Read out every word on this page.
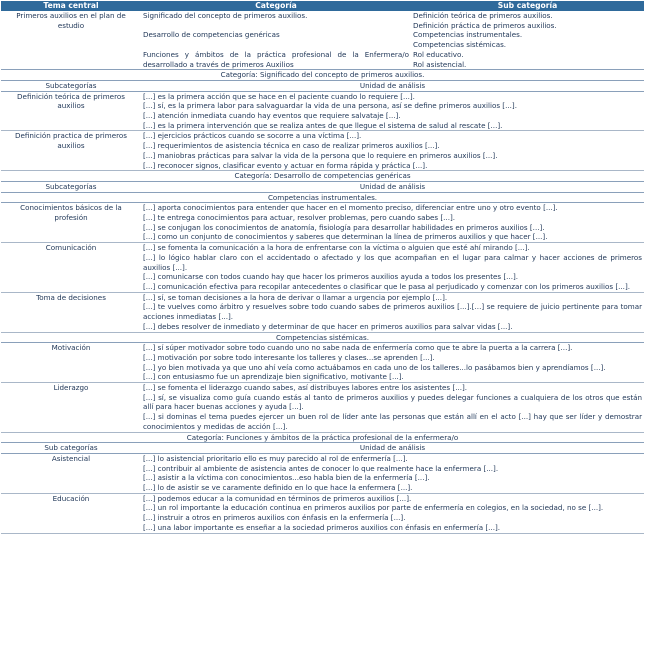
Tema central	Categoría	Sub categoría
Primeros auxilios en el plan de estudio	Significado del concepto de primeros auxilios.	Definición teórica de primeros auxilios.
Definición práctica de primeros auxilios.

	Desarrollo de competencias genéricas	Competencias instrumentales.
Competencias sistémicas.

	Funciones y ámbitos de la práctica profesional de la Enfermera/o desarrollado a través de primeros Auxilios	Rol educativo.
Rol asistencial.
Categoría: Significado del concepto de primeros auxilios.	
Subcategorías	Unidad de análisis
Definición teórica de primeros auxilios	[...] es la primera acción que se hace en el paciente cuando lo requiere [...].
[...] sí, es la primera labor para salvaguardar la vida de una persona, así se define primeros auxilios [...].
[...] atención inmediata cuando hay eventos que requiere salvataje [...].
[...] es la primera intervención que se realiza antes de que llegue el sistema de salud al rescate [...].

Definición practica de primeros auxilios	[...] ejercicios prácticos cuando se socorre a una víctima [...].
[...] requerimientos de asistencia técnica en caso de realizar primeros auxilios [...].
[...] maniobras prácticas para salvar la vida de la persona que lo requiere en primeros auxilios [...].
[...] reconocer signos, clasificar evento y actuar en forma rápida y práctica [...].

Categoría: Desarrollo de competencias genéricas	
Subcategorías	Unidad de análisis
Competencias instrumentales.	
Conocimientos básicos de la profesión	[...] aporta conocimientos para entender que hacer en el momento preciso, diferenciar entre uno y otro evento [...].
[...] te entrega conocimientos para actuar, resolver problemas, pero cuando sabes [...].
[...] se conjugan los conocimientos de anatomía, fisiología para desarrollar habilidades en primeros auxilios [...].
[...] como un conjunto de conocimientos y saberes que determinan la línea de primeros auxilios y que hacer [...].

Comunicación	[...] se fomenta la comunicación a la hora de enfrentarse con la víctima o alguien que esté ahí mirando [...].
[...] lo lógico hablar claro con el accidentado o afectado y los que acompañan en el lugar para calmar y hacer acciones de primeros auxilios [...].
[...] comunicarse con todos cuando hay que hacer los primeros auxilios ayuda a todos los presentes [...].
[...] comunicación efectiva para recopilar antecedentes o clasificar que le pasa al perjudicado y comenzar con los primeros auxilios [...].

Toma de decisiones	[...] sí, se toman decisiones a la hora de derivar o llamar a urgencia por ejemplo [...].
[...] te vuelves como árbitro y resuelves sobre todo cuando sabes de primeros auxilios [...].[...] se requiere de juicio pertinente para tomar acciones inmediatas [...].
[...] debes resolver de inmediato y determinar de que hacer en primeros auxilios para salvar vidas [...].

Competencias sistémicas.	
Motivación	[...] sí súper motivador sobre todo cuando uno no sabe nada de enfermería como que te abre la puerta a la carrera [...].
[...] motivación por sobre todo interesante los talleres y clases...se aprenden [...].
[...] yo bien motivada ya que uno ahí veía como actuábamos en cada uno de los talleres...lo pasábamos bien y aprendíamos [...].
[...] con entusiasmo fue un aprendizaje bien significativo, motivante [...].

Liderazgo	[...] se fomenta el liderazgo cuando sabes, así distribuyes labores entre los asistentes [...].
[...] sí, se visualiza como guía cuando estás al tanto de primeros auxilios y puedes delegar funciones a cualquiera de los otros que están allí para hacer buenas acciones y ayuda [...].
[...] si dominas el tema puedes ejercer un buen rol de líder ante las personas que están allí en el acto [...] hay que ser líder y demostrar conocimientos y medidas de acción [...].

Categoría: Funciones y ámbitos de la práctica profesional de la enfermera/o	
Sub categorías	Unidad de análisis
Asistencial	[...] lo asistencial prioritario ello es muy parecido al rol de enfermería [...].
[...] contribuir al ambiente de asistencia antes de conocer lo que realmente hace la enfermera [...].
[...] asistir a la víctima con conocimientos...eso habla bien de la enfermería [...].
[...] lo de asistir se ve caramente definido en lo que hace la enfermera [...].

Educación	[...] podemos educar a la comunidad en términos de primeros auxilios [...].
[...] un rol importante la educación continua en primeros auxilios por parte de enfermería en colegios, en la sociedad, no se [...].
[...] instruir a otros en primeros auxilios con énfasis en la enfermería [...].
[...] una labor importante es enseñar a la sociedad primeros auxilios con énfasis en enfermería [...].
